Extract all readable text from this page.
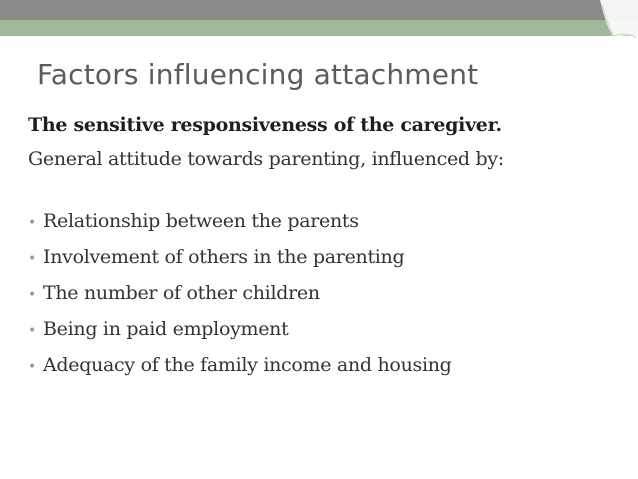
Factors influencing attachment

The sensitive responsiveness of the caregiver.

General attitude towards parenting, influenced by:

• Relationship between the parents
• Involvement of others in the parenting
• The number of other children
• Being in paid employment
• Adequacy of the family income and housing
